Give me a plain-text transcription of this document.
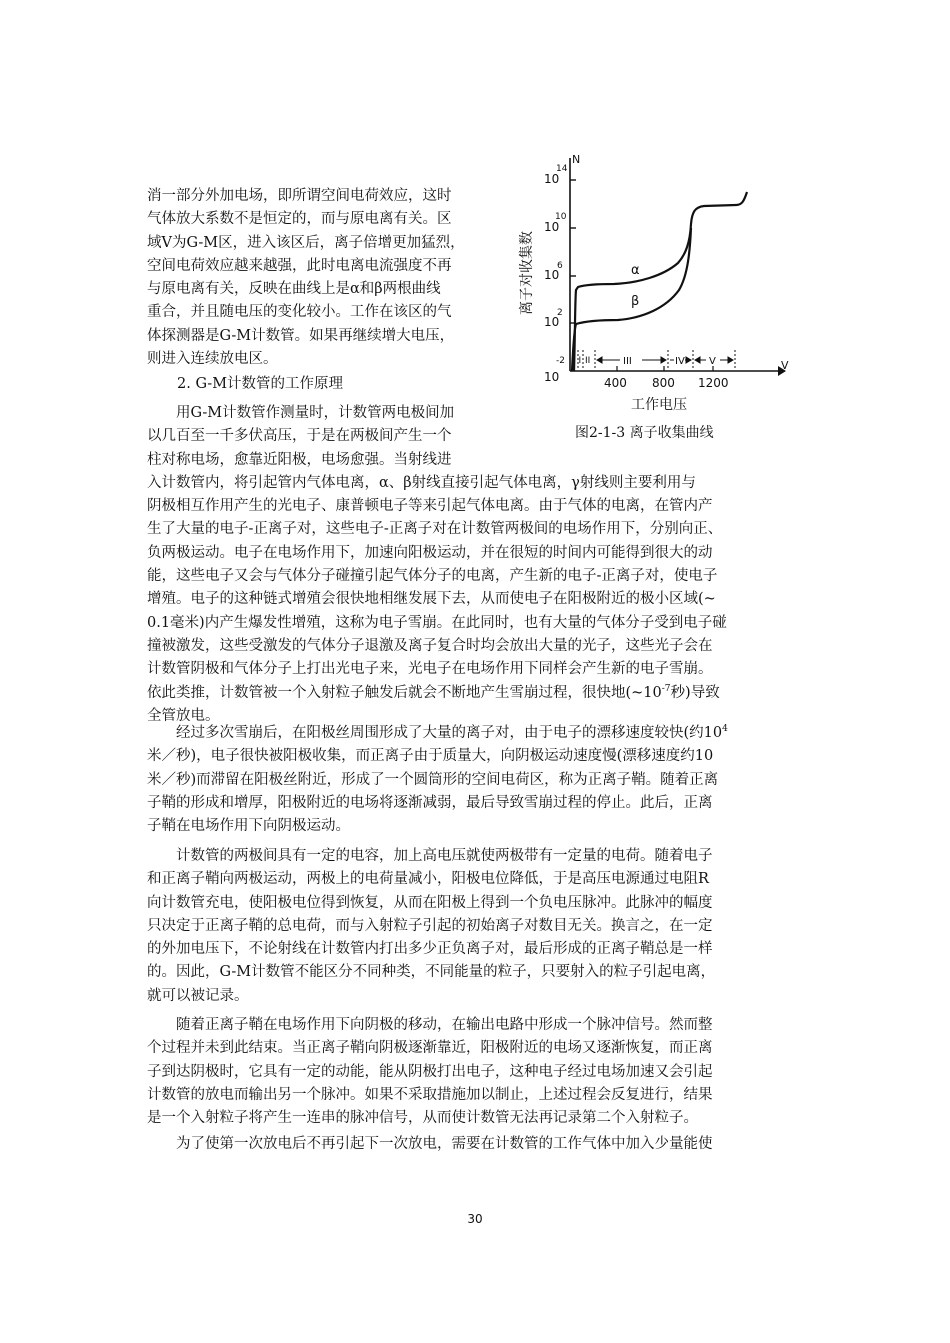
N
V
10
14
10
10
10
6
10
2
10
-2
离子对收集数
400 800 1200
工作电压
I II	III	IV V
α
β
图2-1-3 离子收集曲线
消一部分外加电场，即所谓空间电荷效应，这时
气体放大系数不是恒定的，而与原电离有关。区
域Ⅴ为G-M区，进入该区后，离子倍增更加猛烈，
空间电荷效应越来越强，此时电离电流强度不再
与原电离有关，反映在曲线上是α和β两根曲线
重合，并且随电压的变化较小。工作在该区的气
体探测器是G-M计数管。如果再继续增大电压，
则进入连续放电区。
2. G-M计数管的工作原理
用G-M计数管作测量时，计数管两电极间加
以几百至一千多伏高压，于是在两极间产生一个
柱对称电场，愈靠近阳极，电场愈强。当射线进
入计数管内，将引起管内气体电离，α、β射线直接引起气体电离，γ射线则主要利用与
阴极相互作用产生的光电子、康普顿电子等来引起气体电离。由于气体的电离，在管内产
生了大量的电子-正离子对，这些电子-正离子对在计数管两极间的电场作用下，分别向正、
负两极运动。电子在电场作用下，加速向阳极运动，并在很短的时间内可能得到很大的动
能，这些电子又会与气体分子碰撞引起气体分子的电离，产生新的电子-正离子对，使电子
增殖。电子的这种链式增殖会很快地相继发展下去，从而使电子在阳极附近的极小区域(~
0.1毫米)内产生爆发性增殖，这称为电子雪崩。在此同时，也有大量的气体分子受到电子碰
撞被激发，这些受激发的气体分子退激及离子复合时均会放出大量的光子，这些光子会在
计数管阴极和气体分子上打出光电子来，光电子在电场作用下同样会产生新的电子雪崩。
依此类推，计数管被一个入射粒子触发后就会不断地产生雪崩过程，很快地($\sim 10^{-7}$秒)导致
全管放电。
经过多次雪崩后，在阳极丝周围形成了大量的离子对，由于电子的漂移速度较快(约$10^4$
米／秒)，电子很快被阳极收集，而正离子由于质量大，向阴极运动速度慢(漂移速度约10
米／秒)而滞留在阳极丝附近，形成了一个圆筒形的空间电荷区，称为正离子鞘。随着正离
子鞘的形成和增厚，阳极附近的电场将逐渐减弱，最后导致雪崩过程的停止。此后，正离
子鞘在电场作用下向阴极运动。
计数管的两极间具有一定的电容，加上高电压就使两极带有一定量的电荷。随着电子
和正离子鞘向两极运动，两极上的电荷量减小，阳极电位降低，于是高压电源通过电阻R
向计数管充电，使阳极电位得到恢复，从而在阳极上得到一个负电压脉冲。此脉冲的幅度
只决定于正离子鞘的总电荷，而与入射粒子引起的初始离子对数目无关。换言之，在一定
的外加电压下，不论射线在计数管内打出多少正负离子对，最后形成的正离子鞘总是一样
的。因此，G-M计数管不能区分不同种类，不同能量的粒子，只要射入的粒子引起电离，
就可以被记录。
随着正离子鞘在电场作用下向阴极的移动，在输出电路中形成一个脉冲信号。然而整
个过程并未到此结束。当正离子鞘向阴极逐渐靠近，阳极附近的电场又逐渐恢复，而正离
子到达阴极时，它具有一定的动能，能从阴极打出电子，这种电子经过电场加速又会引起
计数管的放电而输出另一个脉冲。如果不采取措施加以制止，上述过程会反复进行，结果
是一个入射粒子将产生一连串的脉冲信号，从而使计数管无法再记录第二个入射粒子。
为了使第一次放电后不再引起下一次放电，需要在计数管的工作气体中加入少量能使
30
